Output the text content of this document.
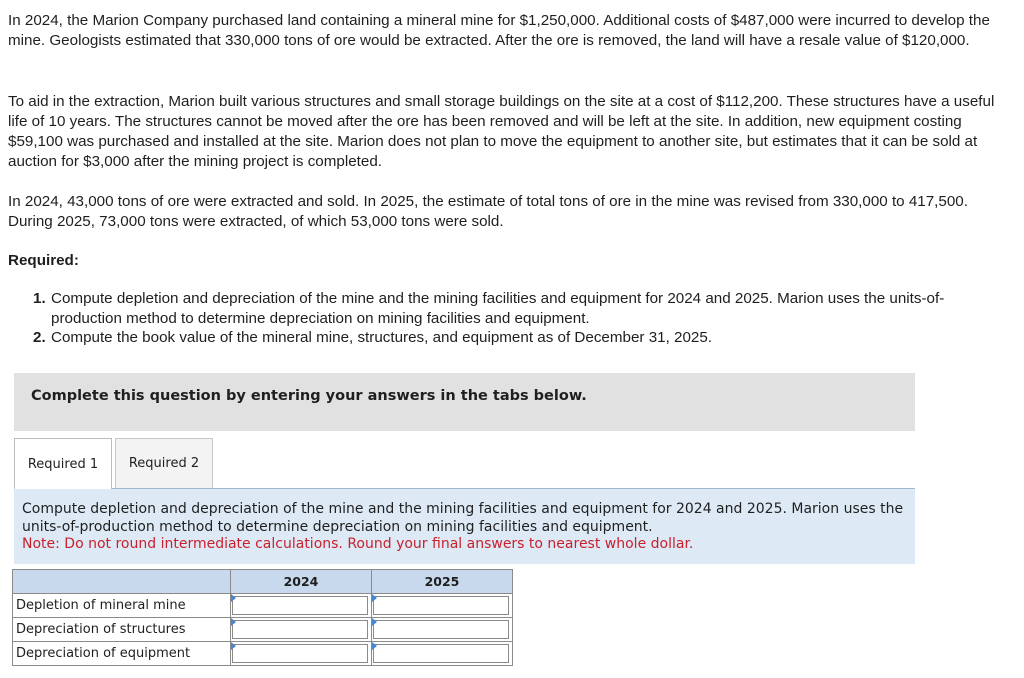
In 2024, the Marion Company purchased land containing a mineral mine for $1,250,000. Additional costs of $487,000 were incurred to develop the mine. Geologists estimated that 330,000 tons of ore would be extracted. After the ore is removed, the land will have a resale value of $120,000.

To aid in the extraction, Marion built various structures and small storage buildings on the site at a cost of $112,200. These structures have a useful life of 10 years. The structures cannot be moved after the ore has been removed and will be left at the site. In addition, new equipment costing $59,100 was purchased and installed at the site. Marion does not plan to move the equipment to another site, but estimates that it can be sold at auction for $3,000 after the mining project is completed.

In 2024, 43,000 tons of ore were extracted and sold. In 2025, the estimate of total tons of ore in the mine was revised from 330,000 to 417,500. During 2025, 73,000 tons were extracted, of which 53,000 tons were sold.

Required:

1. Compute depletion and depreciation of the mine and the mining facilities and equipment for 2024 and 2025. Marion uses the units-of-production method to determine depreciation on mining facilities and equipment.
2. Compute the book value of the mineral mine, structures, and equipment as of December 31, 2025.
Complete this question by entering your answers in the tabs below.
Required 1	Required 2
Compute depletion and depreciation of the mine and the mining facilities and equipment for 2024 and 2025. Marion uses the units-of-production method to determine depreciation on mining facilities and equipment.
Note: Do not round intermediate calculations. Round your final answers to nearest whole dollar.
	2024	2025
Depletion of mineral mine	

Depreciation of structures	

Depreciation of equipment	
